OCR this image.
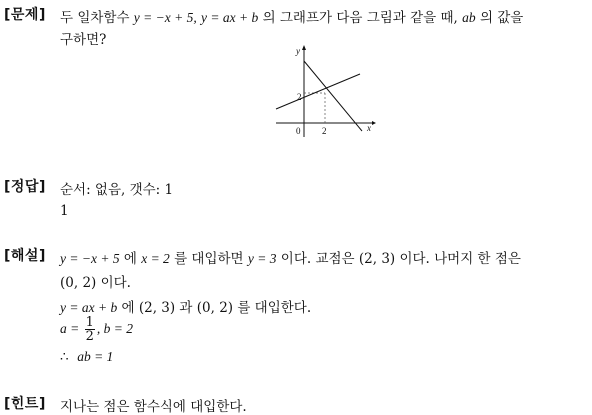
[문제] 두 일차함수 y = −x + 5, y = ax + b 의 그래프가 다음 그림과 같을 때, ab 의 값을
구하면?
y
x
0 2
2
[정답] 순서: 없음, 갯수: 1
1
[해설] y = −x + 5 에 x = 2 를 대입하면 y = 3 이다. 교점은 (2, 3) 이다. 나머지 한 점은
(0, 2) 이다.
y = ax + b 에 (2, 3) 과 (0, 2) 를 대입한다.
$a = \frac{1}{2}$ , b = 2
∴ ab = 1
[힌트] 지나는 점은 함수식에 대입한다.
